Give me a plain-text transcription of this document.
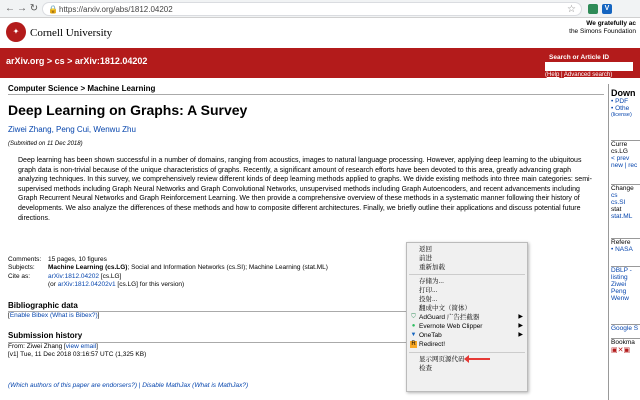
← → ↻ 🔒 https://arxiv.org/abs/1812.04202	☆	V
✦ Cornell University
We gratefully ac
the Simons Foundation
arXiv.org > cs > arXiv:1812.04202	Search or Article ID
(Help | Advanced search)
Computer Science > Machine Learning
Deep Learning on Graphs: A Survey
Ziwei Zhang, Peng Cui, Wenwu Zhu
(Submitted on 11 Dec 2018)
Deep learning has been shown successful in a number of domains, ranging from acoustics, images to natural language processing. However, applying deep learning to the ubiquitous graph data is non-trivial because of the unique characteristics of graphs. Recently, a significant amount of research efforts have been devoted to this area, greatly advancing graph analyzing techniques. In this survey, we comprehensively review different kinds of deep learning methods applied to graphs. We divide existing methods into three main categories: semi-supervised methods including Graph Neural Networks and Graph Convolutional Networks, unsupervised methods including Graph Autoencoders, and recent advancements including Graph Recurrent Neural Networks and Graph Reinforcement Learning. We then provide a comprehensive overview of these methods in a systematic manner following their history of developments. We also analyze the differences of these methods and how to composite different architectures. Finally, we briefly outline their applications and discuss potential future directions.
Comments:	15 pages, 10 figures
Subjects:	Machine Learning (cs.LG); Social and Information Networks (cs.SI); Machine Learning (stat.ML)
Cite as:	arXiv:1812.04202 [cs.LG]
(or arXiv:1812.04202v1 [cs.LG] for this version)
Bibliographic data
[Enable Bibex (What is Bibex?)]
Submission history
From: Ziwei Zhang [view email]
[v1] Tue, 11 Dec 2018 03:16:57 UTC (1,325 KB)
(Which authors of this paper are endorsers?) | Disable MathJax (What is MathJax?)
Down
• PDF
• Othe
(license)
Curre
cs.LG
< prev
new | rec
Change
cs
cs.SI
stat
stat.ML
Refere
• NASA
DBLP -
listing
Ziwei
Peng
Wenw
Google S
Bookma
▣✕▣
返回
前进
重新加载
存储为...
打印...
投射...
翻成中文（简体）
⛉ AdGuard 广告拦截器	▶
● Evernote Web Clipper	▶
▼ OneTab	▶
R Redirect!
显示网页源代码
检查
